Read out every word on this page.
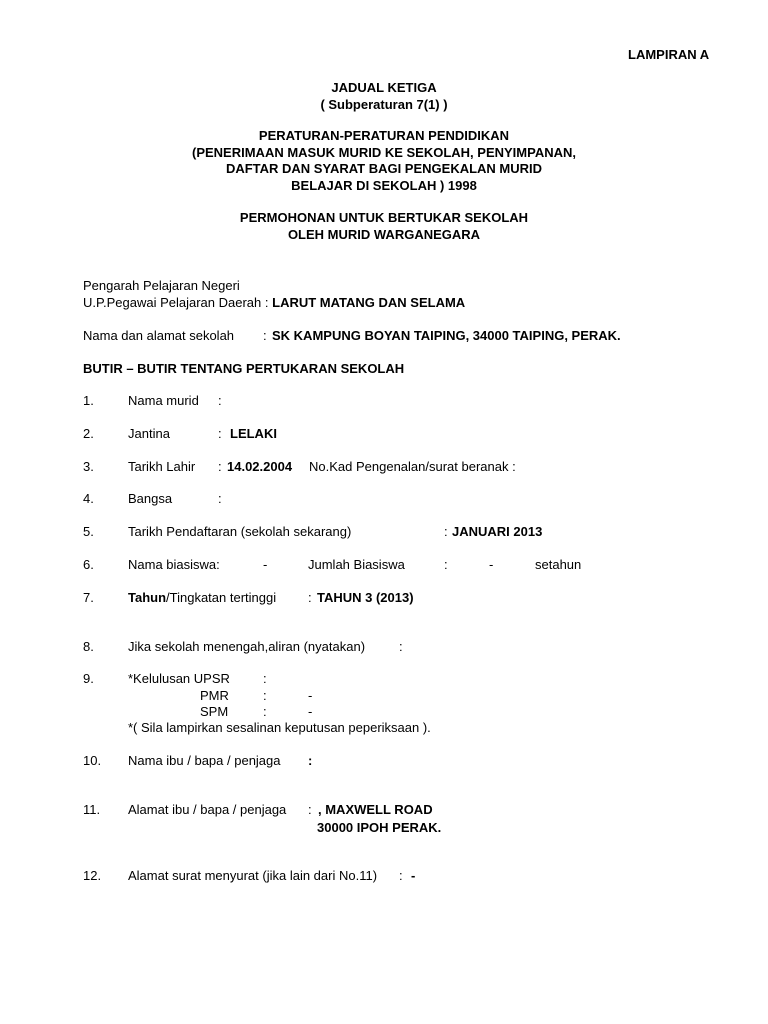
LAMPIRAN A
JADUAL KETIGA
( Subperaturan 7(1) )
PERATURAN-PERATURAN PENDIDIKAN
(PENERIMAAN MASUK MURID KE SEKOLAH, PENYIMPANAN,
DAFTAR DAN SYARAT BAGI PENGEKALAN MURID
BELAJAR DI SEKOLAH ) 1998
PERMOHONAN UNTUK BERTUKAR SEKOLAH
OLEH MURID WARGANEGARA
Pengarah Pelajaran Negeri
U.P.Pegawai Pelajaran Daerah : LARUT MATANG DAN SELAMA
Nama dan alamat sekolah : SK KAMPUNG BOYAN TAIPING, 34000 TAIPING, PERAK.
BUTIR – BUTIR TENTANG PERTUKARAN SEKOLAH
1.	Nama murid :
2.	Jantina	: LELAKI
3.	Tarikh Lahir : 14.02.2004 No.Kad Pengenalan/surat beranak :
4.	Bangsa	:
5.	Tarikh Pendaftaran (sekolah sekarang)	: JANUARI 2013
6.	Nama biasiswa:	-	Jumlah Biasiswa	:	-	setahun
7.	Tahun/Tingkatan tertinggi : TAHUN 3 (2013)
8.	Jika sekolah menengah,aliran (nyatakan)	:
9.	*Kelulusan UPSR	:
PMR	:	-
SPM	:	-
*( Sila lampirkan sesalinan keputusan peperiksaan ).
10. Nama ibu / bapa / penjaga :
11. Alamat ibu / bapa / penjaga : , MAXWELL ROAD
30000 IPOH PERAK.
12. Alamat surat menyurat (jika lain dari No.11) : -
